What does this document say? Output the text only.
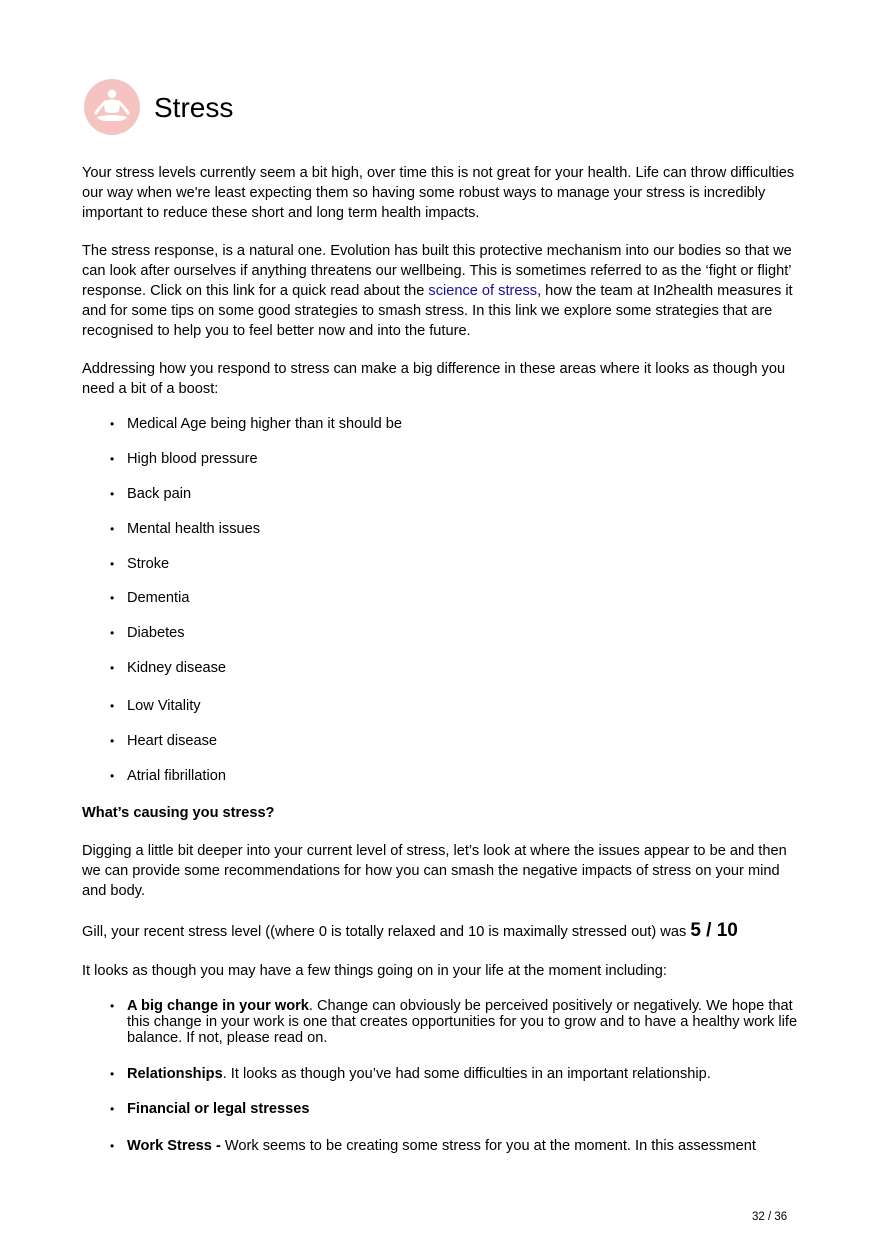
Stress

Your stress levels currently seem a bit high, over time this is not great for your health. Life can throw difficulties our way when we're least expecting them so having some robust ways to manage your stress is incredibly important to reduce these short and long term health impacts.

The stress response, is a natural one. Evolution has built this protective mechanism into our bodies so that we can look after ourselves if anything threatens our wellbeing. This is sometimes referred to as the ‘fight or flight’ response. Click on this link for a quick read about the science of stress, how the team at In2health measures it and for some tips on some good strategies to smash stress. In this link we explore some strategies that are recognised to help you to feel better now and into the future.

Addressing how you respond to stress can make a big difference in these areas where it looks as though you need a bit of a boost:

• Medical Age being higher than it should be
• High blood pressure
• Back pain
• Mental health issues
• Stroke
• Dementia
• Diabetes
• Kidney disease
• Low Vitality
• Heart disease
• Atrial fibrillation
What’s causing you stress?

Digging a little bit deeper into your current level of stress, let’s look at where the issues appear to be and then we can provide some recommendations for how you can smash the negative impacts of stress on your mind and body.

Gill, your recent stress level ((where 0 is totally relaxed and 10 is maximally stressed out) was 5 / 10

It looks as though you may have a few things going on in your life at the moment including:

• A big change in your work. Change can obviously be perceived positively or negatively. We hope that this change in your work is one that creates opportunities for you to grow and to have a healthy work life balance. If not, please read on.
• Relationships. It looks as though you’ve had some difficulties in an important relationship.
• Financial or legal stresses
• Work Stress - Work seems to be creating some stress for you at the moment. In this assessment
32 / 36
